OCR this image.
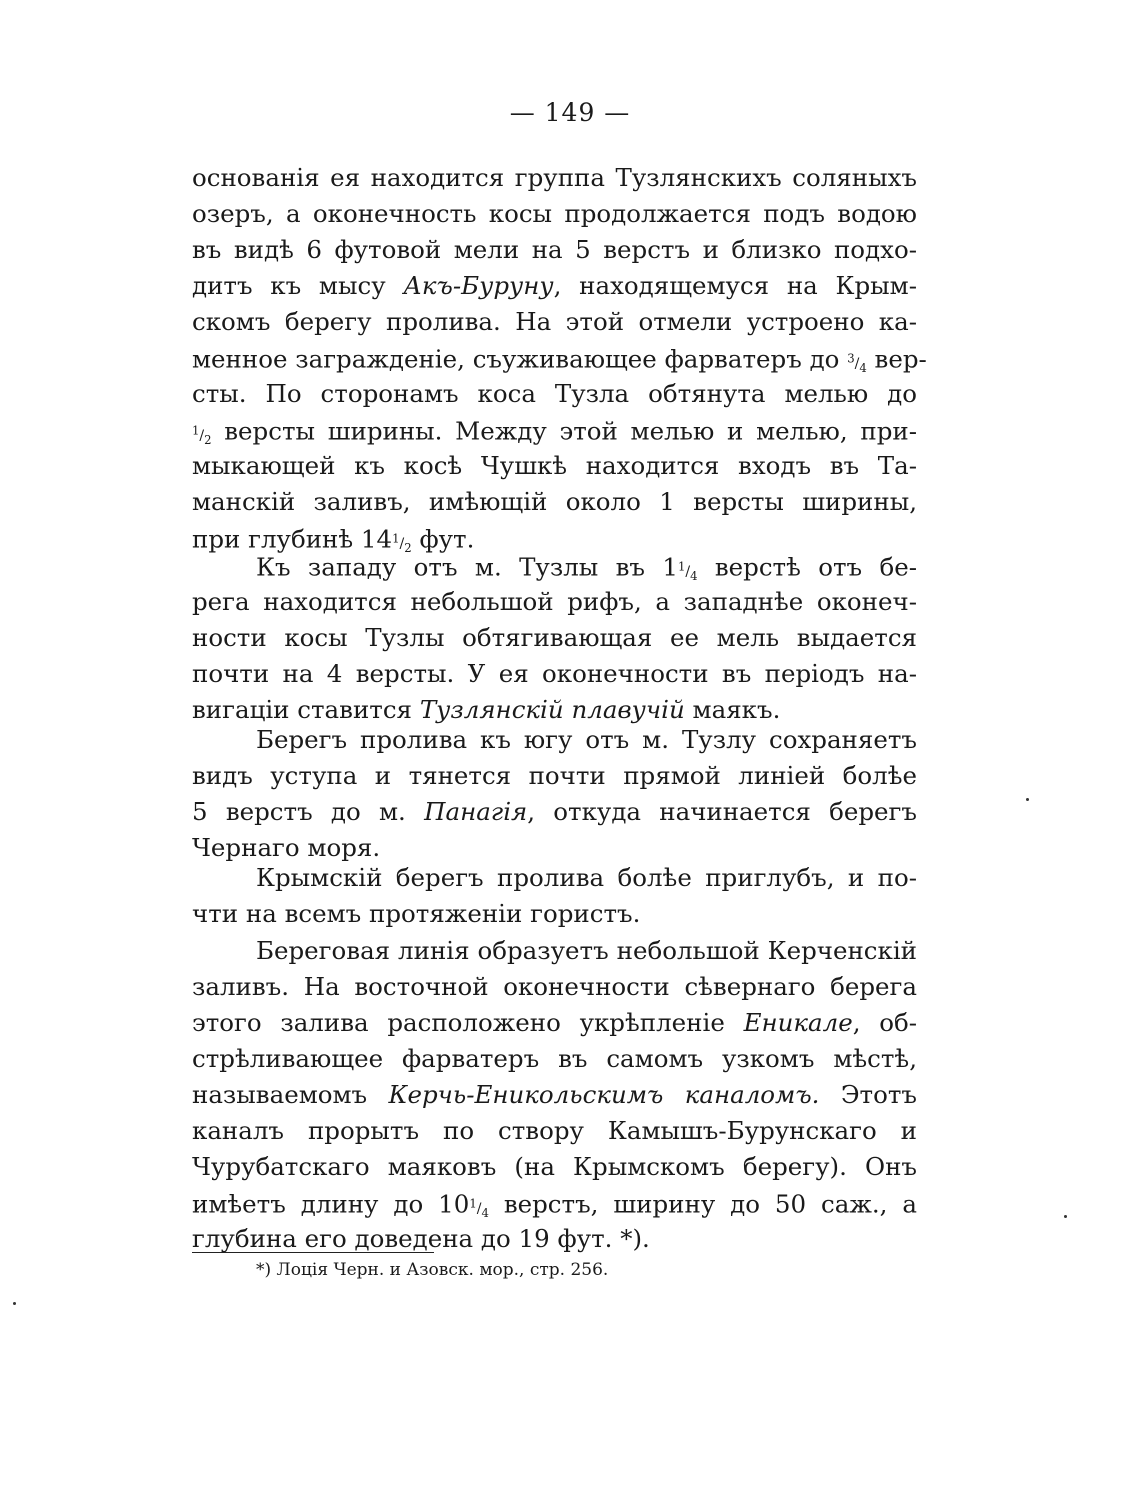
— 149 —
основанія ея находится группа Тузлянскихъ соляныхъ
озеръ, а оконечность косы продолжается подъ водою
въ видѣ 6 футовой мели на 5 верстъ и близко подхо-
дитъ къ мысу Акъ-Буруну, находящемуся на Крым-
скомъ берегу пролива. На этой отмели устроено ка-
менное загражденіе, съуживающее фарватеръ до $^3/_4$ вер-
сты. По сторонамъ коса Тузла обтянута мелью до
$^1/_2$ версты ширины. Между этой мелью и мелью, при-
мыкающей къ косѣ Чушкѣ находится входъ въ Та-
манскій заливъ, имѣющій около 1 версты ширины,
при глубинѣ $14^1/_2$ фут.
Къ западу отъ м. Тузлы въ $1^1/_4$ верстѣ отъ бе-
рега находится небольшой рифъ, а западнѣе оконеч-
ности косы Тузлы обтягивающая ее мель выдается
почти на 4 версты. У ея оконечности въ періодъ на-
вигаціи ставится Тузлянскій плавучій маякъ.
Берегъ пролива къ югу отъ м. Тузлу сохраняетъ
видъ уступа и тянется почти прямой линіей болѣе
5 верстъ до м. Панагія, откуда начинается берегъ
Чернаго моря.
Крымскій берегъ пролива болѣе приглубъ, и по-
чти на всемъ протяженіи гористъ.
Береговая линія образуетъ небольшой Керченскій
заливъ. На восточной оконечности сѣвернаго берега
этого залива расположено укрѣпленіе Еникале, об-
стрѣливающее фарватеръ въ самомъ узкомъ мѣстѣ,
называемомъ Керчь-Еникольскимъ каналомъ. Этотъ
каналъ прорытъ по створу Камышъ-Бурунскаго и
Чурубатскаго маяковъ (на Крымскомъ берегу). Онъ
имѣетъ длину до $10^1/_4$ верстъ, ширину до 50 саж., а
глубина его доведена до 19 фут. *).
*) Лоція Черн. и Азовск. мор., стр. 256.
